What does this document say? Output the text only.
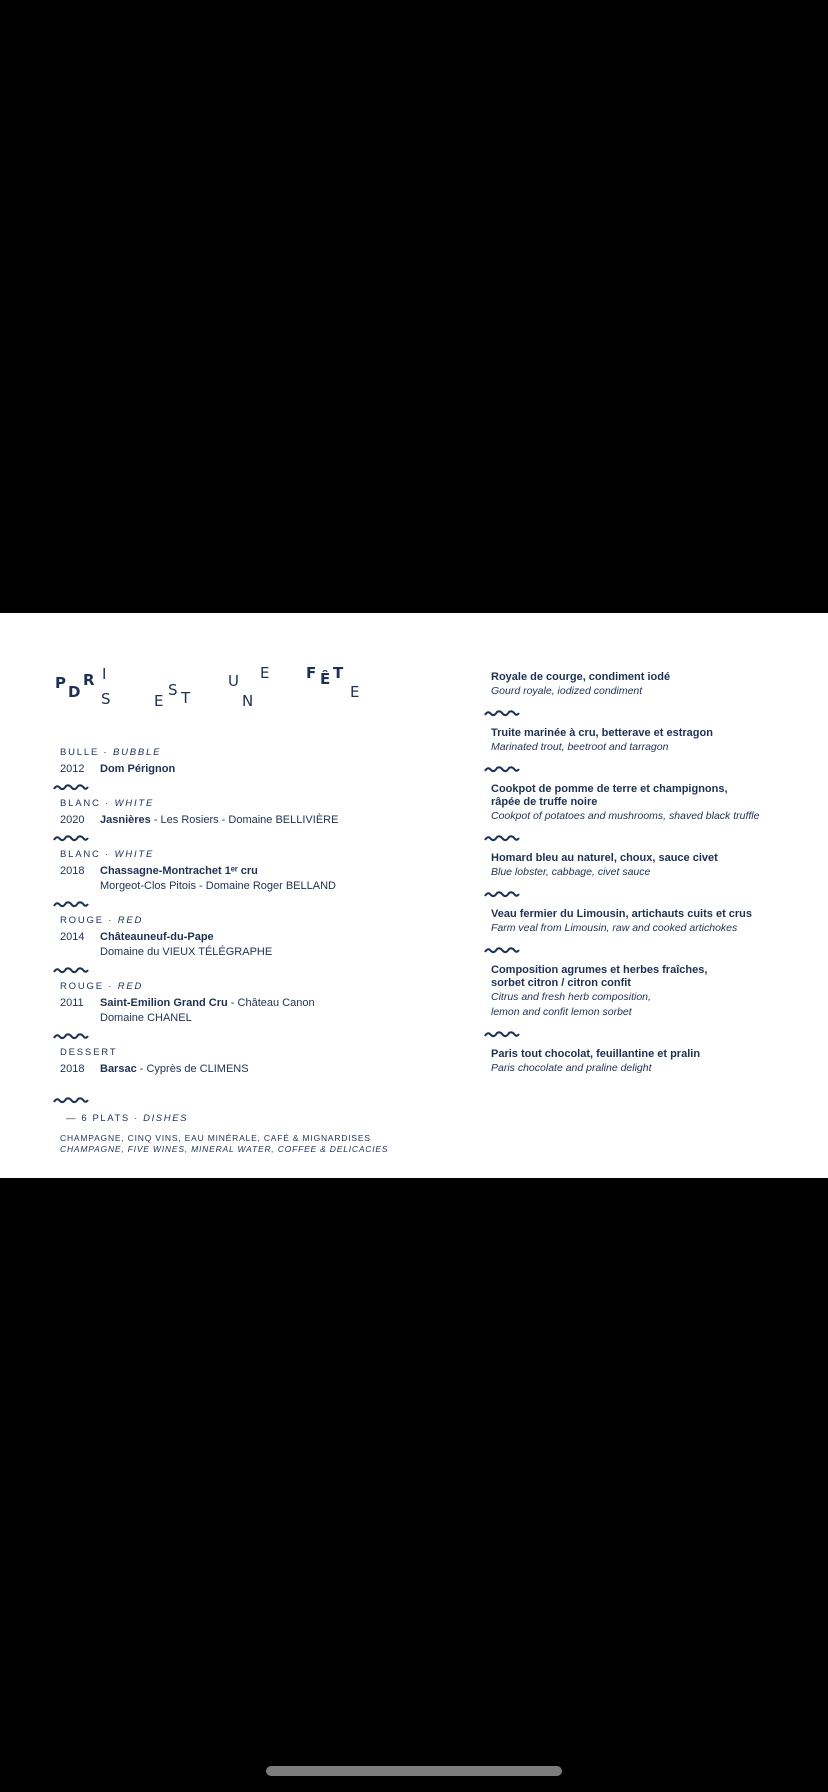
P D
R I
S	E
S T
U
N
E F Ê T
E
BULLE · BUBBLE
2012	Dom Pérignon
BLANC · WHITE
2020	Jasnières - Les Rosiers - Domaine BELLIVIÈRE
BLANC · WHITE
2018	Chassagne-Montrachet 1ᵉʳ cru
Morgeot-Clos Pitois - Domaine Roger BELLAND
ROUGE · RED
2014	Châteauneuf-du-Pape
Domaine du VIEUX TÉLÉGRAPHE
ROUGE · RED
2011	Saint-Emilion Grand Cru - Château Canon
Domaine CHANEL
DESSERT
2018	Barsac - Cyprès de CLIMENS
— 6 PLATS · DISHES
CHAMPAGNE, CINQ VINS, EAU MINÉRALE, CAFÉ & MIGNARDISES
CHAMPAGNE, FIVE WINES, MINERAL WATER, COFFEE & DELICACIES
Royale de courge, condiment iodé
Gourd royale, iodized condiment
Truite marinée à cru, betterave et estragon
Marinated trout, beetroot and tarragon
Cookpot de pomme de terre et champignons,
râpée de truffe noire
Cookpot of potatoes and mushrooms, shaved black truffle
Homard bleu au naturel, choux, sauce civet
Blue lobster, cabbage, civet sauce
Veau fermier du Limousin, artichauts cuits et crus
Farm veal from Limousin, raw and cooked artichokes
Composition agrumes et herbes fraîches,
sorbet citron / citron confit
Citrus and fresh herb composition,
lemon and confit lemon sorbet
Paris tout chocolat, feuillantine et pralin
Paris chocolate and praline delight
